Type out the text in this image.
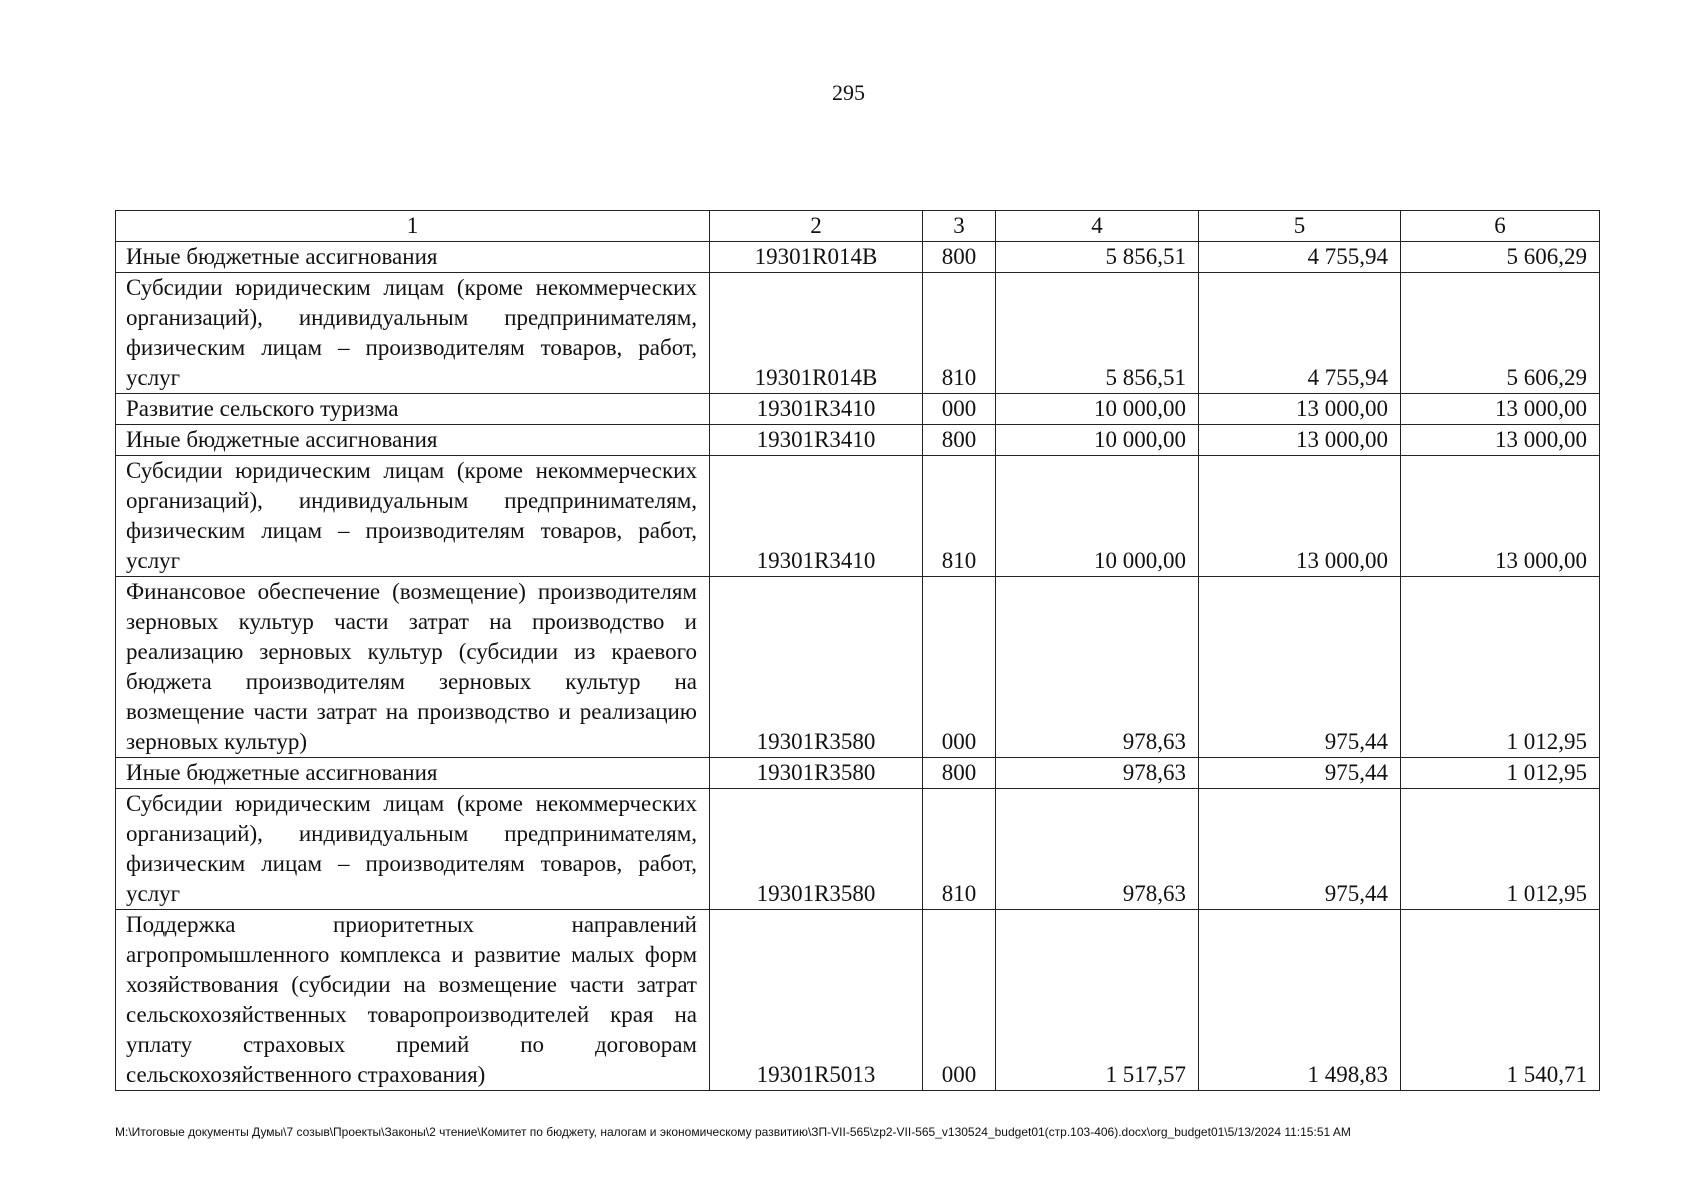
295
1	2	3	4	5	6
Иные бюджетные ассигнования	19301R014B	800	5 856,51	4 755,94	5 606,29
Субсидии юридическим лицам (кроме некоммерческих организаций), индивидуальным предпринимателям, физическим лицам – производителям товаров, работ, услуг	19301R014B	810	5 856,51	4 755,94	5 606,29
Развитие сельского туризма	19301R3410	000	10 000,00	13 000,00	13 000,00
Иные бюджетные ассигнования	19301R3410	800	10 000,00	13 000,00	13 000,00
Субсидии юридическим лицам (кроме некоммерческих организаций), индивидуальным предпринимателям, физическим лицам – производителям товаров, работ, услуг	19301R3410	810	10 000,00	13 000,00	13 000,00
Финансовое обеспечение (возмещение) производителям зерновых культур части затрат на производство и реализацию зерновых культур (субсидии из краевого бюджета производителям зерновых культур на возмещение части затрат на производство и реализацию зерновых культур)	19301R3580	000	978,63	975,44	1 012,95
Иные бюджетные ассигнования	19301R3580	800	978,63	975,44	1 012,95
Субсидии юридическим лицам (кроме некоммерческих организаций), индивидуальным предпринимателям, физическим лицам – производителям товаров, работ, услуг	19301R3580	810	978,63	975,44	1 012,95
Поддержка приоритетных направлений агропромышленного комплекса и развитие малых форм хозяйствования (субсидии на возмещение части затрат сельскохозяйственных товаропроизводителей края на уплату страховых премий по договорам сельскохозяйственного страхования)	19301R5013	000	1 517,57	1 498,83	1 540,71
M:\Итоговые документы Думы\7 созыв\Проекты\Законы\2 чтение\Комитет по бюджету, налогам и экономическому развитию\ЗП-VII-565\zp2-VII-565_v130524_budget01(стр.103-406).docx\org_budget01\5/13/2024 11:15:51 AM
